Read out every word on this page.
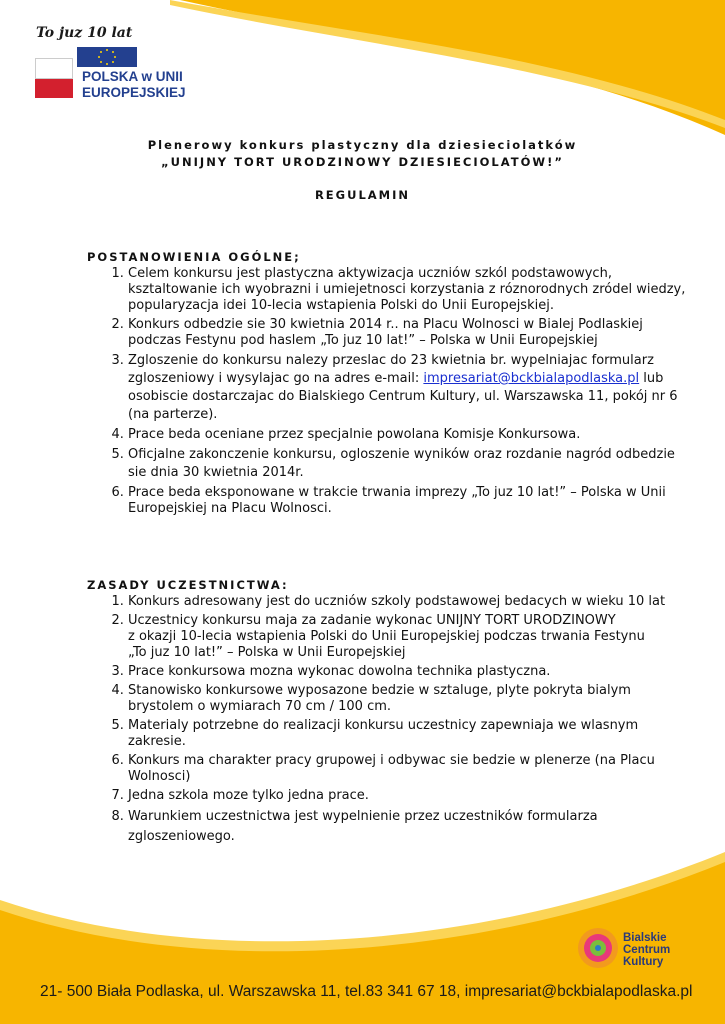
To juz 10 lat
POLSKA w UNII
EUROPEJSKIEJ
Plenerowy konkurs plastyczny dla dziesieciolatków
„UNIJNY TORT URODZINOWY DZIESIECIOLATÓW!”
REGULAMIN
POSTANOWIENIA OGÓLNE;
1. Celem konkursu jest plastyczna aktywizacja uczniów szkól podstawowych, ksztaltowanie ich wyobrazni i umiejetnosci korzystania z róznorodnych zródel wiedzy, popularyzacja idei 10-lecia wstapienia Polski do Unii Europejskiej.
2. Konkurs odbedzie sie 30 kwietnia 2014 r.. na Placu Wolnosci w Bialej Podlaskiej podczas Festynu pod haslem „To juz 10 lat!” – Polska w Unii Europejskiej
3. Zgloszenie do konkursu nalezy przeslac do 23 kwietnia br. wypelniajac formularz zgloszeniowy i wysylajac go na adres e-mail: impresariat@bckbialapodlaska.pl lub osobiscie dostarczajac do Bialskiego Centrum Kultury, ul. Warszawska 11, pokój nr 6 (na parterze).
4. Prace beda oceniane przez specjalnie powolana Komisje Konkursowa.
5. Oficjalne zakonczenie konkursu, ogloszenie wyników oraz rozdanie nagród odbedzie sie dnia 30 kwietnia 2014r.
6. Prace beda eksponowane w trakcie trwania imprezy „To juz 10 lat!” – Polska w Unii Europejskiej na Placu Wolnosci.
ZASADY UCZESTNICTWA:
1. Konkurs adresowany jest do uczniów szkoly podstawowej bedacych w wieku 10 lat
2. Uczestnicy konkursu maja za zadanie wykonac UNIJNY TORT URODZINOWY
z okazji 10-lecia wstapienia Polski do Unii Europejskiej podczas trwania Festynu
„To juz 10 lat!” – Polska w Unii Europejskiej
3. Prace konkursowa mozna wykonac dowolna technika plastyczna.
4. Stanowisko konkursowe wyposazone bedzie w sztaluge, plyte pokryta bialym brystolem o wymiarach 70 cm / 100 cm.
5. Materialy potrzebne do realizacji konkursu uczestnicy zapewniaja we wlasnym zakresie.
6. Konkurs ma charakter pracy grupowej i odbywac sie bedzie w plenerze (na Placu Wolnosci)
7. Jedna szkola moze tylko jedna prace.
8. Warunkiem uczestnictwa jest wypelnienie przez uczestników formularza zgloszeniowego.
Bialskie
Centrum
Kultury
21- 500 Biała Podlaska, ul. Warszawska 11, tel.83 341 67 18, impresariat@bckbialapodlaska.pl
